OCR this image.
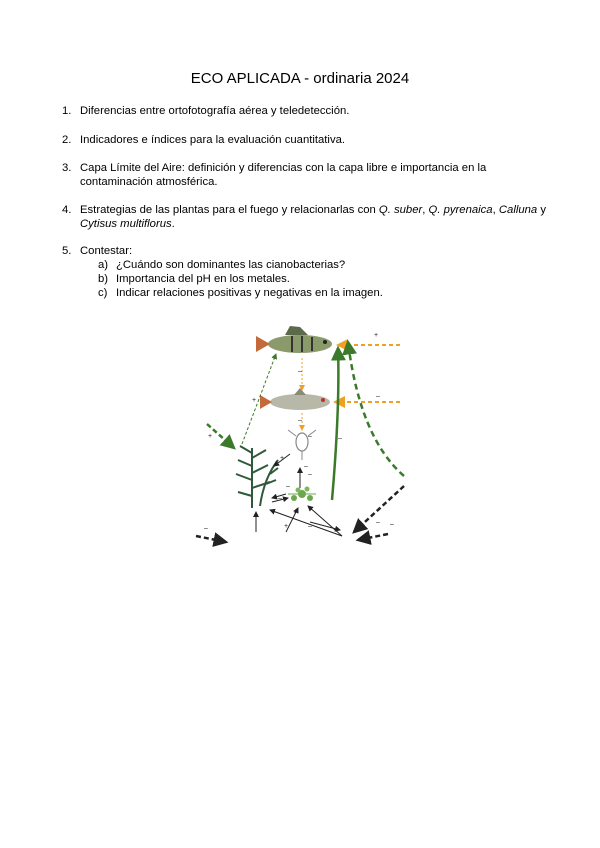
ECO APLICADA - ordinaria 2024
1. Diferencias entre ortofotografía aérea y teledetección.
2. Indicadores e índices para la evaluación cuantitativa.
3. Capa Límite del Aire: definición y diferencias con la capa libre e importancia en la contaminación atmosférica.
4. Estrategias de las plantas para el fuego y relacionarlas con Q. suber, Q. pyrenaica, Calluna y Cytisus multiflorus.
5. Contestar:
a) ¿Cuándo son dominantes las cianobacterias?
b) Importancia del pH en los metales.
c) Indicar relaciones positivas y negativas en la imagen.
+
–
–
+
–
–
+	–
+
–
–
–
–
+
–
–
–
–
–
